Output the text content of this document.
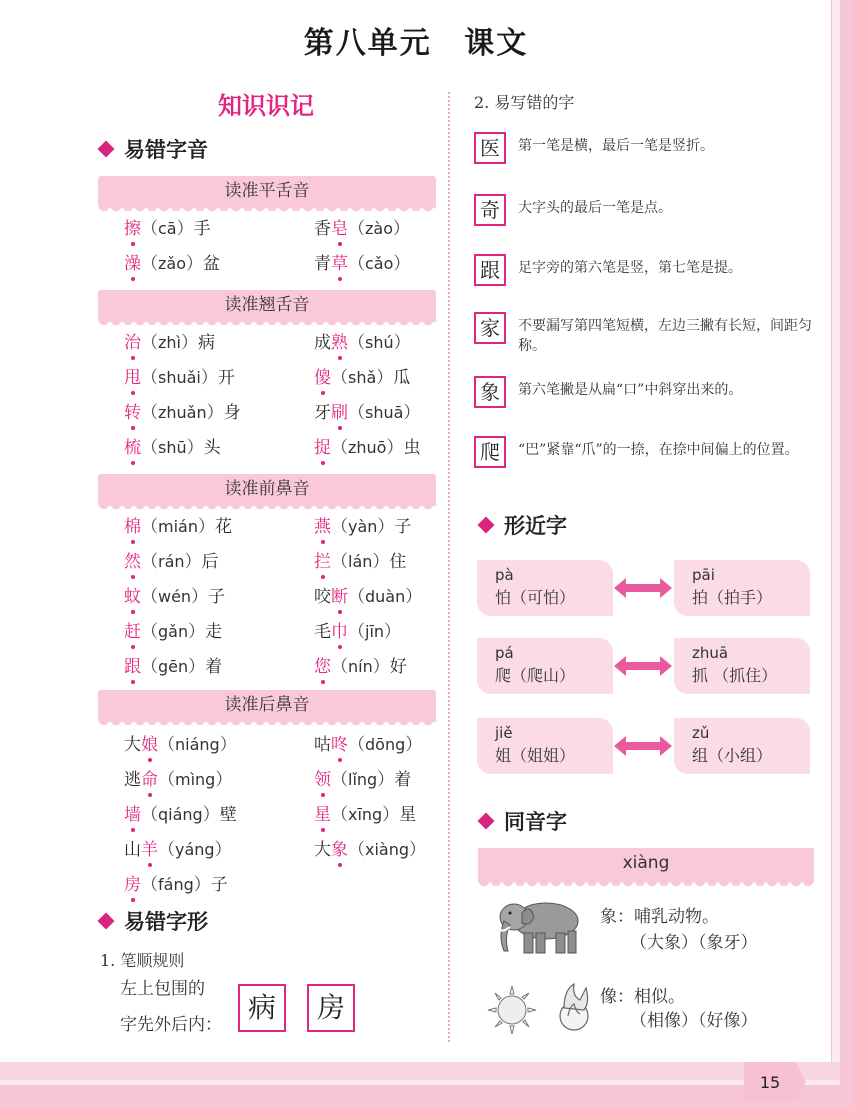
第八单元 课文
知识识记
易错字音
读准平舌音
擦 （ cā ） 手	香 皂 （ zào ）
澡 （ zǎo ） 盆	青 草 （ cǎo ）
读准翘舌音
治 （ zhì ） 病	成 熟 （ shú ）
甩 （ shuǎi ） 开	傻 （ shǎ ） 瓜
转 （ zhuǎn ） 身	牙 刷 （ shuā ）
梳 （ shū ） 头	捉 （ zhuō ） 虫
读准前鼻音
棉 （ mián ） 花	燕 （ yàn ） 子
然 （ rán ） 后	拦 （ lán ） 住
蚊 （ wén ） 子	咬 断 （ duàn ）
赶 （ gǎn ） 走	毛 巾 （ jīn ）
跟 （ gēn ） 着	您 （ nín ） 好
读准后鼻音
大 娘 （ niáng ）	咕 咚 （ dōng ）
逃 命 （ mìng ）	领 （ lǐng ） 着
墙 （ qiáng ） 壁	星 （ xīng ） 星
山 羊 （ yáng ）	大 象 （ xiàng ）
房 （ fáng ） 子
易错字形
1. 笔顺规则
左上包围的
字先外后内：
病	房
2. 易写错的字
医	第一笔是横，最后一笔是竖折。
奇	大字头的最后一笔是点。
跟	足字旁的第六笔是竖，第七笔是提。
家	不要漏写第四笔短横，左边三撇有长短，间距匀称。
象	第六笔撇是从扁“口”中斜穿出来的。
爬	“巴”紧靠“爪”的一捺，在捺中间偏上的位置。
形近字
pà
怕（可怕）
pāi
拍（拍手）
pá
爬（爬山）
zhuā
抓 （抓住）
jiě
姐（姐姐）
zǔ
组（小组）
同音字
xiàng
象：哺乳动物。
（大象）（象牙）
像：相似。
（相像）（好像）
15
